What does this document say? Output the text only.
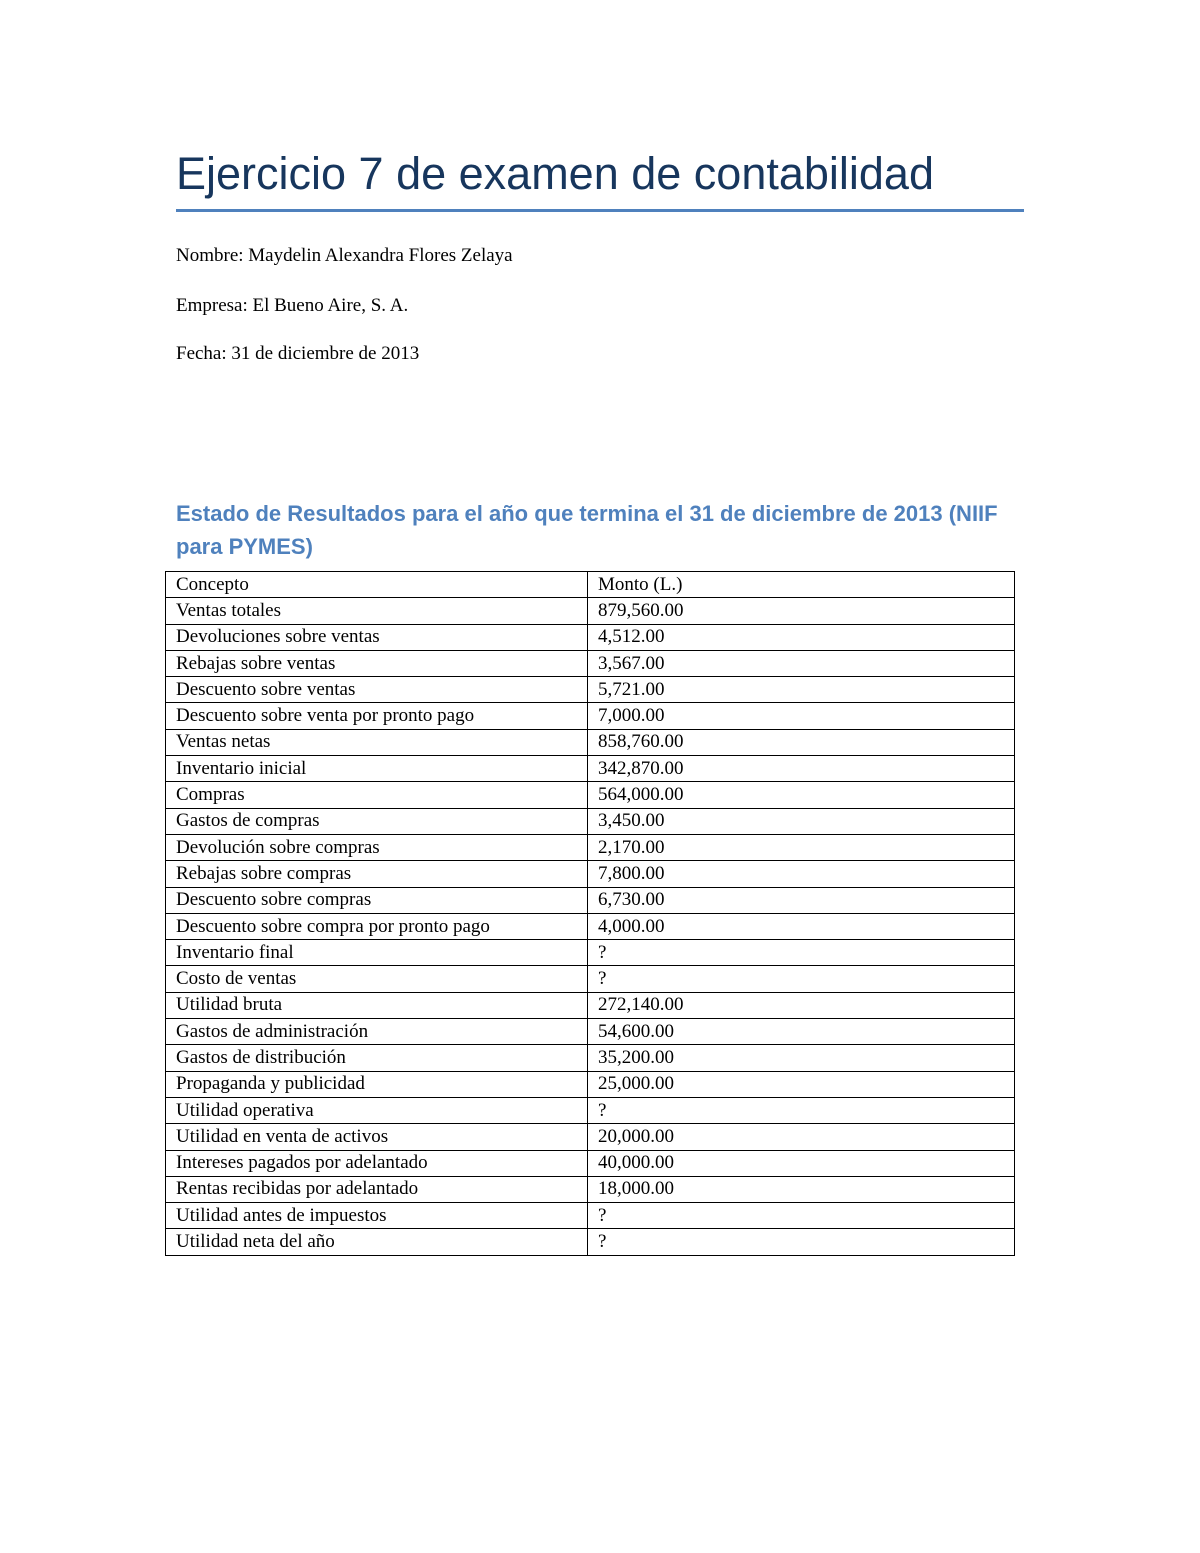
Ejercicio 7 de examen de contabilidad

Nombre: Maydelin Alexandra Flores Zelaya

Empresa: El Bueno Aire, S. A.

Fecha: 31 de diciembre de 2013

Estado de Resultados para el año que termina el 31 de diciembre de 2013 (NIIF para PYMES)
Concepto	Monto (L.)
Ventas totales	879,560.00
Devoluciones sobre ventas	4,512.00
Rebajas sobre ventas	3,567.00
Descuento sobre ventas	5,721.00
Descuento sobre venta por pronto pago	7,000.00
Ventas netas	858,760.00
Inventario inicial	342,870.00
Compras	564,000.00
Gastos de compras	3,450.00
Devolución sobre compras	2,170.00
Rebajas sobre compras	7,800.00
Descuento sobre compras	6,730.00
Descuento sobre compra por pronto pago	4,000.00
Inventario final	?
Costo de ventas	?
Utilidad bruta	272,140.00
Gastos de administración	54,600.00
Gastos de distribución	35,200.00
Propaganda y publicidad	25,000.00
Utilidad operativa	?
Utilidad en venta de activos	20,000.00
Intereses pagados por adelantado	40,000.00
Rentas recibidas por adelantado	18,000.00
Utilidad antes de impuestos	?
Utilidad neta del año	?
